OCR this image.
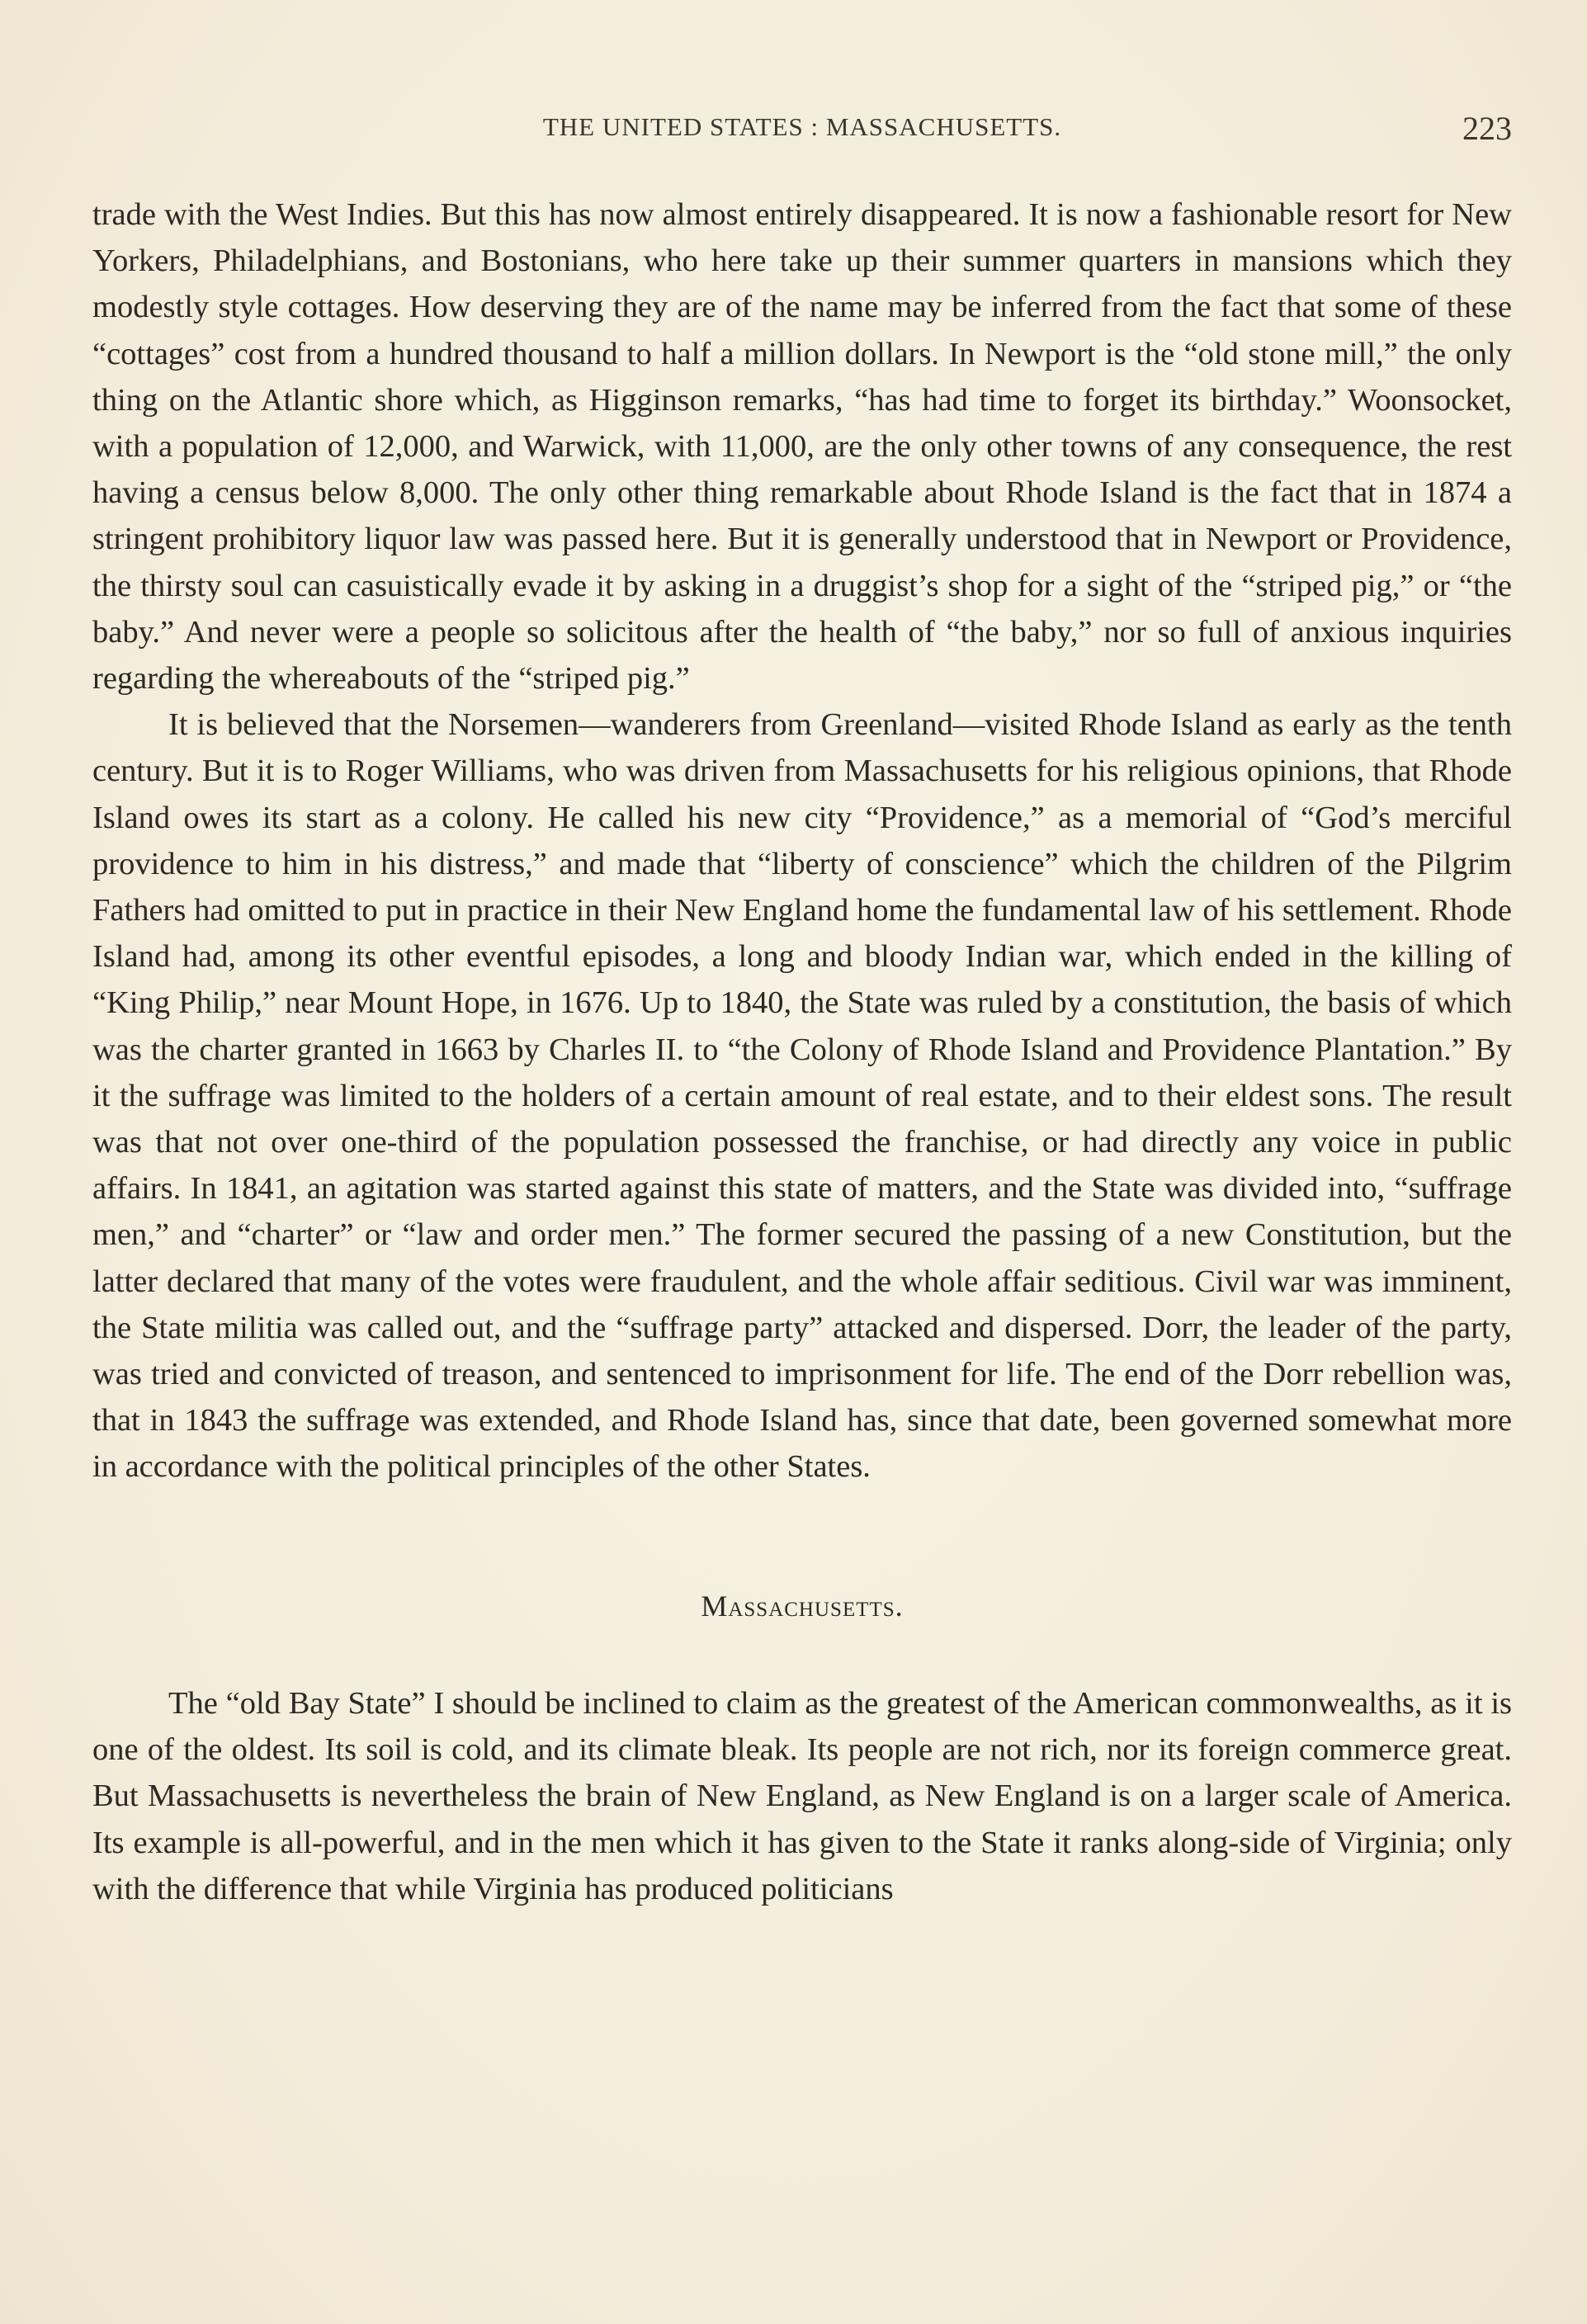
THE UNITED STATES : MASSACHUSETTS.	223

trade with the West Indies. But this has now almost entirely disappeared. It is now a fashionable resort for New Yorkers, Philadelphians, and Bostonians, who here take up their summer quarters in mansions which they modestly style cottages. How deserving they are of the name may be inferred from the fact that some of these “cottages” cost from a hundred thousand to half a million dollars. In Newport is the “old stone mill,” the only thing on the Atlantic shore which, as Higginson remarks, “has had time to forget its birthday.” Woonsocket, with a population of 12,000, and Warwick, with 11,000, are the only other towns of any consequence, the rest having a census below 8,000. The only other thing remarkable about Rhode Island is the fact that in 1874 a stringent prohibitory liquor law was passed here. But it is generally understood that in Newport or Providence, the thirsty soul can casuistically evade it by asking in a druggist’s shop for a sight of the “striped pig,” or “the baby.” And never were a people so solicitous after the health of “the baby,” nor so full of anxious inquiries regarding the whereabouts of the “striped pig.”

It is believed that the Norsemen—wanderers from Greenland—visited Rhode Island as early as the tenth century. But it is to Roger Williams, who was driven from Massachusetts for his religious opinions, that Rhode Island owes its start as a colony. He called his new city “Providence,” as a memorial of “God’s merciful providence to him in his distress,” and made that “liberty of conscience” which the children of the Pilgrim Fathers had omitted to put in practice in their New England home the fundamental law of his settlement. Rhode Island had, among its other eventful episodes, a long and bloody Indian war, which ended in the killing of “King Philip,” near Mount Hope, in 1676. Up to 1840, the State was ruled by a constitution, the basis of which was the charter granted in 1663 by Charles II. to “the Colony of Rhode Island and Providence Plantation.” By it the suffrage was limited to the holders of a certain amount of real estate, and to their eldest sons. The result was that not over one-third of the population possessed the franchise, or had directly any voice in public affairs. In 1841, an agitation was started against this state of matters, and the State was divided into, “suffrage men,” and “charter” or “law and order men.” The former secured the passing of a new Constitution, but the latter declared that many of the votes were fraudulent, and the whole affair seditious. Civil war was imminent, the State militia was called out, and the “suffrage party” attacked and dispersed. Dorr, the leader of the party, was tried and convicted of treason, and sentenced to imprisonment for life. The end of the Dorr rebellion was, that in 1843 the suffrage was extended, and Rhode Island has, since that date, been governed somewhat more in accordance with the political principles of the other States.

Massachusetts.

The “old Bay State” I should be inclined to claim as the greatest of the American commonwealths, as it is one of the oldest. Its soil is cold, and its climate bleak. Its people are not rich, nor its foreign commerce great. But Massachusetts is nevertheless the brain of New England, as New England is on a larger scale of America. Its example is all-powerful, and in the men which it has given to the State it ranks along-side of Virginia; only with the difference that while Virginia has produced politicians
